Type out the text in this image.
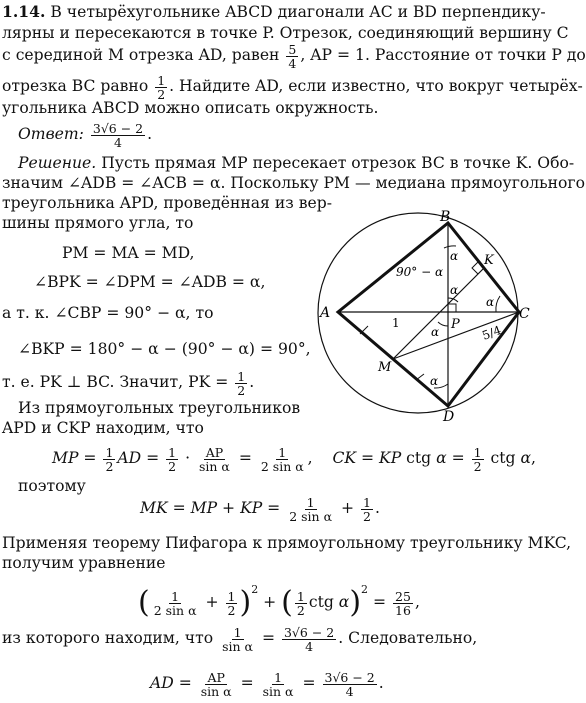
1.14. В четырёхугольнике ABCD диагонали AC и BD перпендику-
лярны и пересекаются в точке P. Отрезок, соединяющий вершину C
с серединой M отрезка AD, равен $\frac{5}{4}$ , AP = 1. Расстояние от точки P до
отрезка BC равно $\frac{1}{2}$ . Найдите AD, если известно, что вокруг четырёх-
угольника ABCD можно описать окружность.
Ответ: $\frac{3√6 - 2}{4}$ .
Решение. Пусть прямая MP пересекает отрезок BC в точке K. Обо-
значим ∠ADB = ∠ACB = α. Поскольку PM — медиана прямоугольного
треугольника APD, проведённая из вер-
шины прямого угла, то
PM = MA = MD,
∠BPK = ∠DPM = ∠ADB = α,
а т. к. ∠CBP = 90° − α, то
∠BKP = 180° − α − (90° − α) = 90°,
т. е. PK ⊥ BC. Значит, PK = $\frac{1}{2}$ .
Из прямоугольных треугольников
APD и CKP находим, что
MP = $\frac{1}{2}$ AD = $\frac{1}{2} \cdot \frac{AP}{\text{sin α}} = \frac{1}{\text{2 sin α}}$ ,    CK = KP ctg $\alpha = \frac{1}{2}$ ctg α,
поэтому
MK = MP + KP = $\frac{1}{\text{2 sin α}} + \frac{1}{2}$ .
Применяя теорему Пифагора к прямоугольному треугольнику MKC,
получим уравнение
( $\frac{1}{\text{2 sin α}} + \frac{1}{2} )^2$ + ( $\frac{1}{2}$ ctg $\alpha)^2 = \frac{25}{16}$ ,
из которого находим, что $\frac{1}{\text{sin α}} = \frac{3√6 - 2}{4}$ . Следовательно,
AD = $\frac{AP}{\text{sin α}} = \frac{1}{\text{sin α}} = \frac{3√6 - 2}{4}$ .
A
B
C
D
P
K
M
90° − α
α
α
α
α
α
1
5/4
